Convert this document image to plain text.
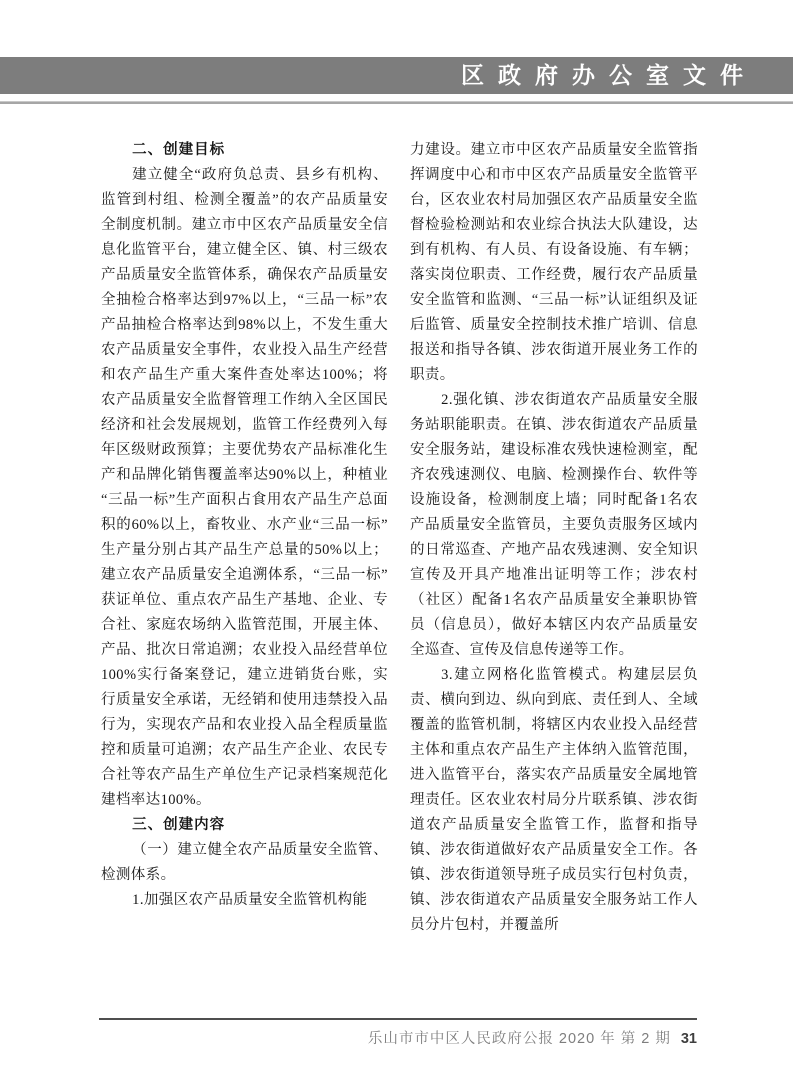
区政府办公室文件

二、创建目标

建立健全“政府负总责、县乡有机构、监管到村组、检测全覆盖”的农产品质量安全制度机制。建立市中区农产品质量安全信息化监管平台，建立健全区、镇、村三级农产品质量安全监管体系，确保农产品质量安全抽检合格率达到97%以上，“三品一标”农产品抽检合格率达到98%以上，不发生重大农产品质量安全事件，农业投入品生产经营和农产品生产重大案件查处率达100%；将农产品质量安全监督管理工作纳入全区国民经济和社会发展规划，监管工作经费列入每年区级财政预算；主要优势农产品标准化生产和品牌化销售覆盖率达90%以上，种植业“三品一标”生产面积占食用农产品生产总面积的60%以上，畜牧业、水产业“三品一标”生产量分别占其产品生产总量的50%以上；建立农产品质量安全追溯体系，“三品一标”获证单位、重点农产品生产基地、企业、专合社、家庭农场纳入监管范围，开展主体、产品、批次日常追溯；农业投入品经营单位100%实行备案登记，建立进销货台账，实行质量安全承诺，无经销和使用违禁投入品行为，实现农产品和农业投入品全程质量监控和质量可追溯；农产品生产企业、农民专合社等农产品生产单位生产记录档案规范化建档率达100%。

三、创建内容

（一）建立健全农产品质量安全监管、检测体系。

1.加强区农产品质量安全监管机构能

力建设。建立市中区农产品质量安全监管指挥调度中心和市中区农产品质量安全监管平台，区农业农村局加强区农产品质量安全监督检验检测站和农业综合执法大队建设，达到有机构、有人员、有设备设施、有车辆；落实岗位职责、工作经费，履行农产品质量安全监管和监测、“三品一标”认证组织及证后监管、质量安全控制技术推广培训、信息报送和指导各镇、涉农街道开展业务工作的职责。

2.强化镇、涉农街道农产品质量安全服务站职能职责。在镇、涉农街道农产品质量安全服务站，建设标准农残快速检测室，配齐农残速测仪、电脑、检测操作台、软件等设施设备，检测制度上墙；同时配备1名农产品质量安全监管员，主要负责服务区域内的日常巡查、产地产品农残速测、安全知识宣传及开具产地准出证明等工作；涉农村（社区）配备1名农产品质量安全兼职协管员（信息员），做好本辖区内农产品质量安全巡查、宣传及信息传递等工作。

3.建立网格化监管模式。构建层层负责、横向到边、纵向到底、责任到人、全域覆盖的监管机制，将辖区内农业投入品经营主体和重点农产品生产主体纳入监管范围，进入监管平台，落实农产品质量安全属地管理责任。区农业农村局分片联系镇、涉农街道农产品质量安全监管工作，监督和指导镇、涉农街道做好农产品质量安全工作。各镇、涉农街道领导班子成员实行包村负责，镇、涉农街道农产品质量安全服务站工作人员分片包村，并覆盖所

乐山市市中区人民政府公报 2020 年 第 2 期 31
